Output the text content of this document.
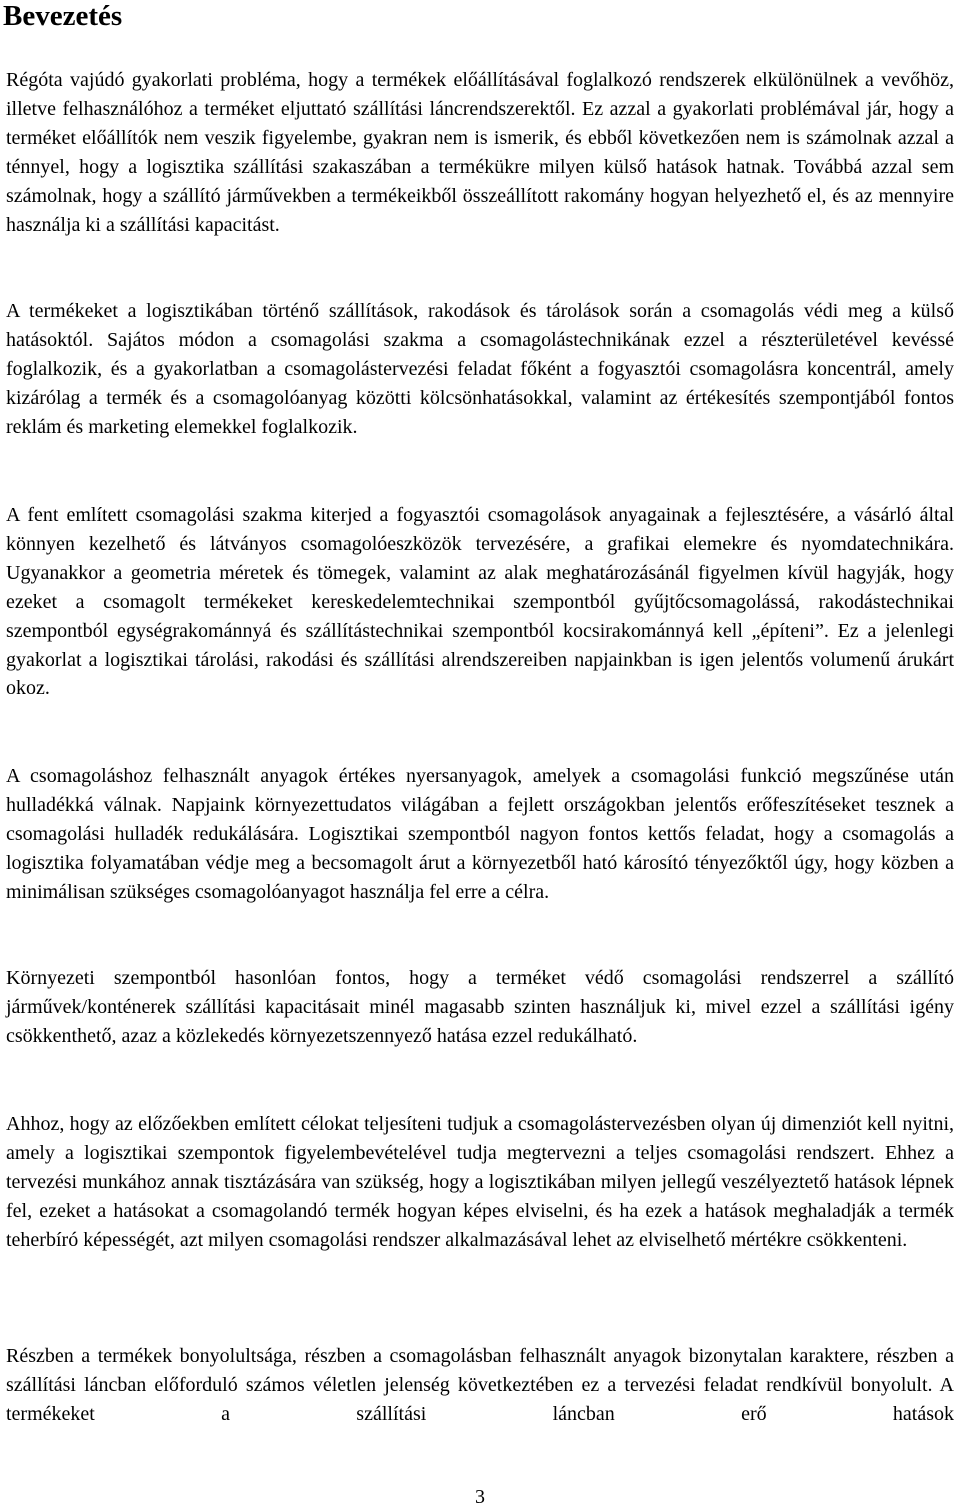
Bevezetés

Régóta vajúdó gyakorlati probléma, hogy a termékek előállításával foglalkozó rendszerek elkülönülnek a vevőhöz, illetve felhasználóhoz a terméket eljuttató szállítási láncrendszerektől. Ez azzal a gyakorlati problémával jár, hogy a terméket előállítók nem veszik figyelembe, gyakran nem is ismerik, és ebből következően nem is számolnak azzal a ténnyel, hogy a logisztika szállítási szakaszában a termékükre milyen külső hatások hatnak. Továbbá azzal sem számolnak, hogy a szállító járművekben a termékeikből összeállított rakomány hogyan helyezhető el, és az mennyire használja ki a szállítási kapacitást.

A termékeket a logisztikában történő szállítások, rakodások és tárolások során a csomagolás védi meg a külső hatásoktól. Sajátos módon a csomagolási szakma a csomagolástechnikának ezzel a részterületével kevéssé foglalkozik, és a gyakorlatban a csomagolástervezési feladat főként a fogyasztói csomagolásra koncentrál, amely kizárólag a termék és a csomagolóanyag közötti kölcsönhatásokkal, valamint az értékesítés szempontjából fontos reklám és marketing elemekkel foglalkozik.

A fent említett csomagolási szakma kiterjed a fogyasztói csomagolások anyagainak a fejlesztésére, a vásárló által könnyen kezelhető és látványos csomagolóeszközök tervezésére, a grafikai elemekre és nyomdatechnikára. Ugyanakkor a geometria méretek és tömegek, valamint az alak meghatározásánál figyelmen kívül hagyják, hogy ezeket a csomagolt termékeket kereskedelemtechnikai szempontból gyűjtőcsomagolássá, rakodástechnikai szempontból egységrakománnyá és szállítástechnikai szempontból kocsirakománnyá kell „építeni”. Ez a jelenlegi gyakorlat a logisztikai tárolási, rakodási és szállítási alrendszereiben napjainkban is igen jelentős volumenű árukárt okoz.

A csomagoláshoz felhasznált anyagok értékes nyersanyagok, amelyek a csomagolási funkció megszűnése után hulladékká válnak. Napjaink környezettudatos világában a fejlett országokban jelentős erőfeszítéseket tesznek a csomagolási hulladék redukálására. Logisztikai szempontból nagyon fontos kettős feladat, hogy a csomagolás a logisztika folyamatában védje meg a becsomagolt árut a környezetből ható károsító tényezőktől úgy, hogy közben a minimálisan szükséges csomagolóanyagot használja fel erre a célra.

Környezeti szempontból hasonlóan fontos, hogy a terméket védő csomagolási rendszerrel a szállító járművek/konténerek szállítási kapacitásait minél magasabb szinten használjuk ki, mivel ezzel a szállítási igény csökkenthető, azaz a közlekedés környezetszennyező hatása ezzel redukálható.

Ahhoz, hogy az előzőekben említett célokat teljesíteni tudjuk a csomagolástervezésben olyan új dimenziót kell nyitni, amely a logisztikai szempontok figyelembevételével tudja megtervezni a teljes csomagolási rendszert. Ehhez a tervezési munkához annak tisztázására van szükség, hogy a logisztikában milyen jellegű veszélyeztető hatások lépnek fel, ezeket a hatásokat a csomagolandó termék hogyan képes elviselni, és ha ezek a hatások meghaladják a termék teherbíró képességét, azt milyen csomagolási rendszer alkalmazásával lehet az elviselhető mértékre csökkenteni.

Részben a termékek bonyolultsága, részben a csomagolásban felhasznált anyagok bizonytalan karaktere, részben a szállítási láncban előforduló számos véletlen jelenség következtében ez a tervezési feladat rendkívül bonyolult. A termékeket a szállítási láncban erő hatások

3
